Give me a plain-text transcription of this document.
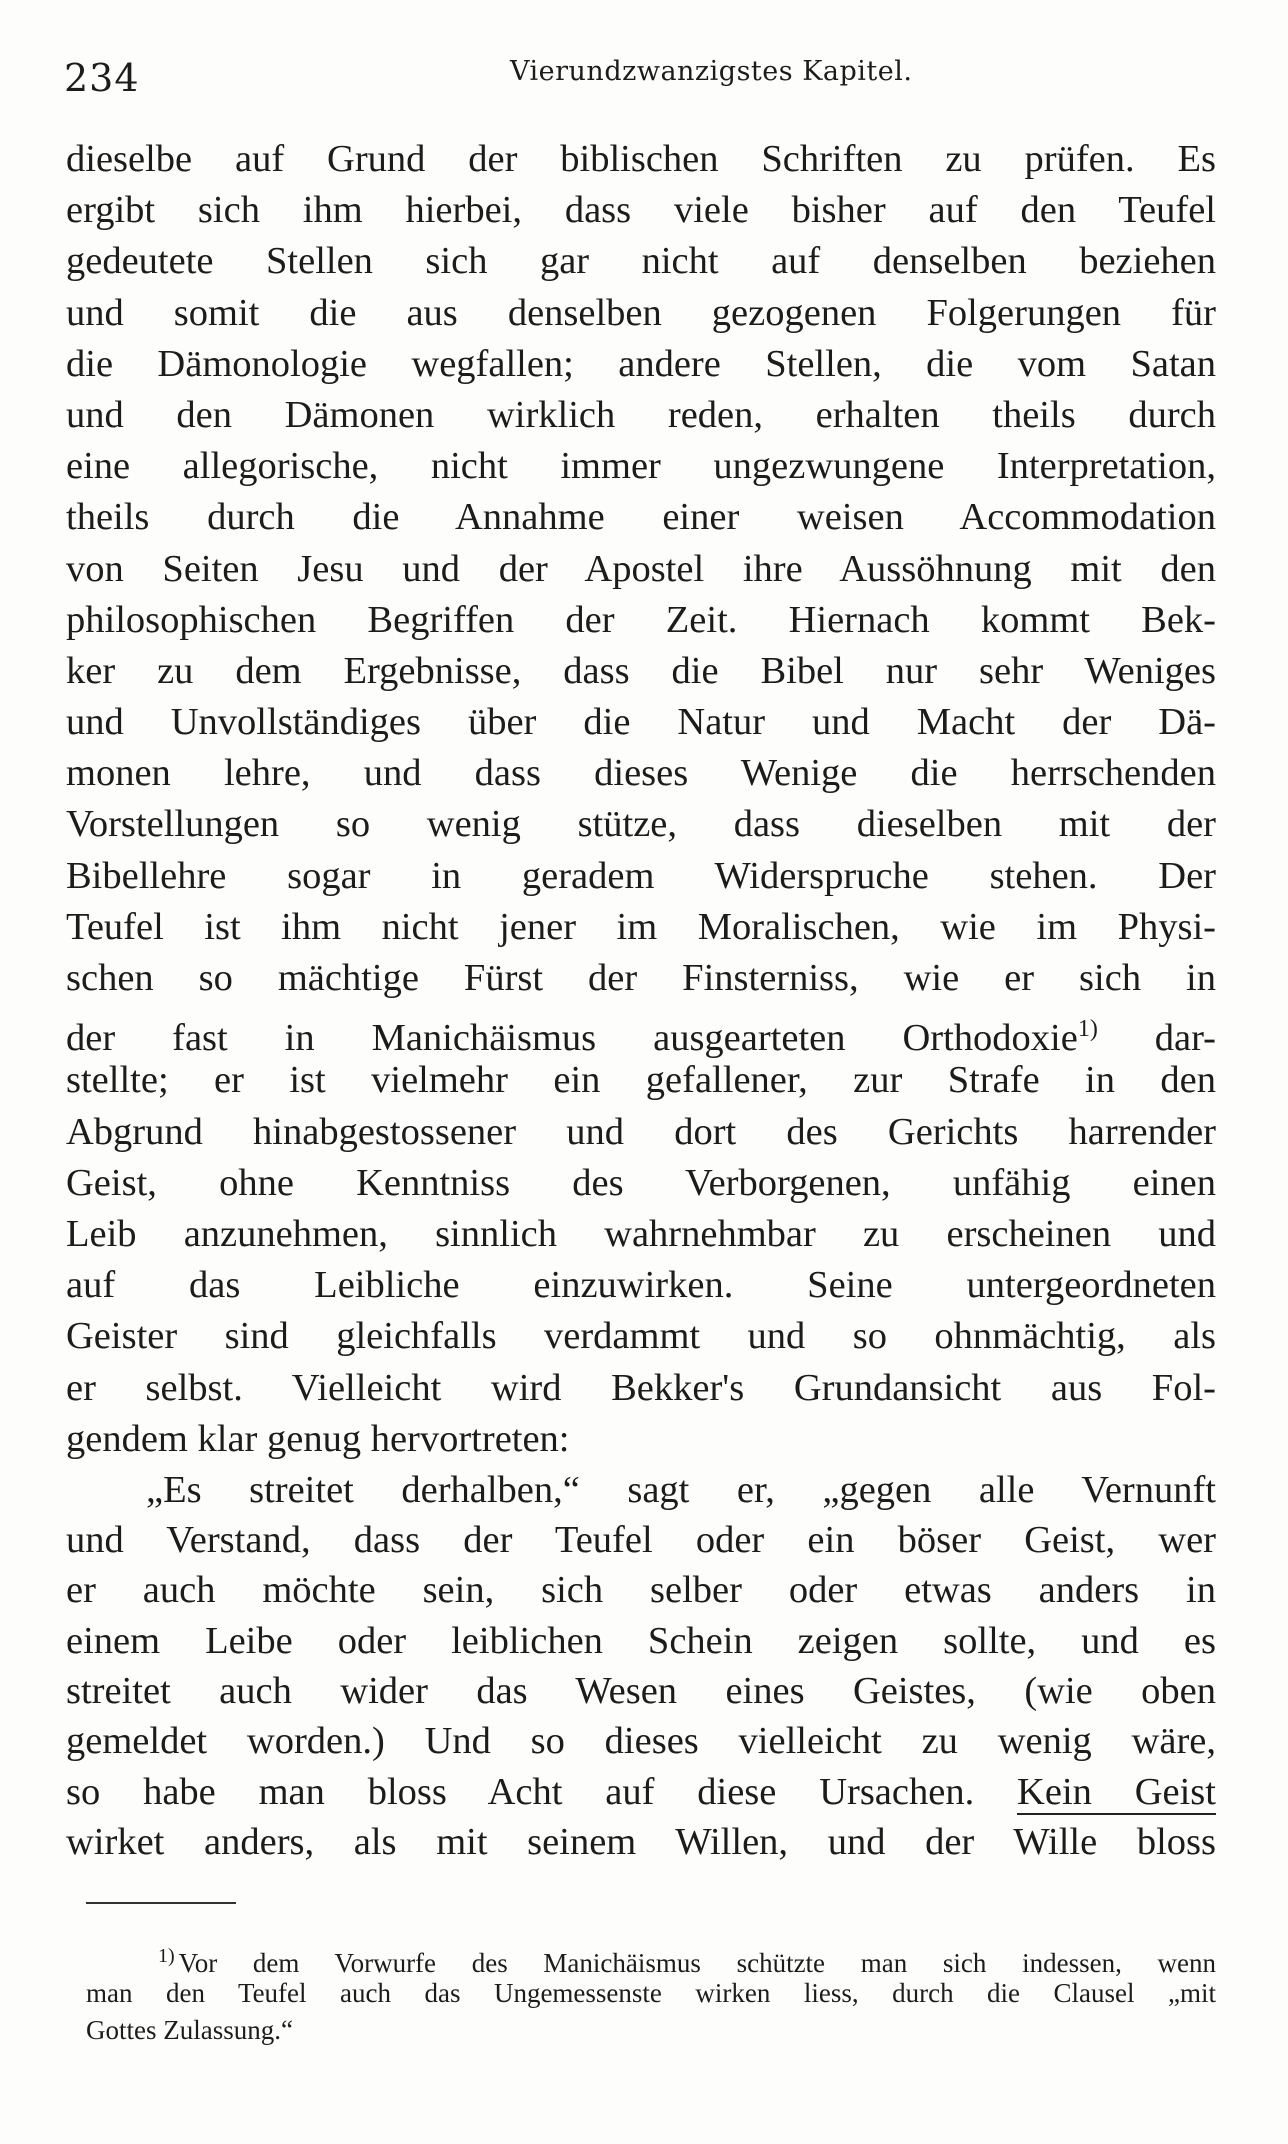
234	Vierundzwanzigstes Kapitel.
dieselbe auf Grund der biblischen Schriften zu prüfen. Es
ergibt sich ihm hierbei, dass viele bisher auf den Teufel
gedeutete Stellen sich gar nicht auf denselben beziehen
und somit die aus denselben gezogenen Folgerungen für
die Dämonologie wegfallen; andere Stellen, die vom Satan
und den Dämonen wirklich reden, erhalten theils durch
eine allegorische, nicht immer ungezwungene Interpretation,
theils durch die Annahme einer weisen Accommodation
von Seiten Jesu und der Apostel ihre Aussöhnung mit den
philosophischen Begriffen der Zeit. Hiernach kommt Bek-
ker zu dem Ergebnisse, dass die Bibel nur sehr Weniges
und Unvollständiges über die Natur und Macht der Dä-
monen lehre, und dass dieses Wenige die herrschenden
Vorstellungen so wenig stütze, dass dieselben mit der
Bibellehre sogar in geradem Widerspruche stehen. Der
Teufel ist ihm nicht jener im Moralischen, wie im Physi-
schen so mächtige Fürst der Finsterniss, wie er sich in
der fast in Manichäismus ausgearteten Orthodoxie$^{1)}$ dar-
stellte; er ist vielmehr ein gefallener, zur Strafe in den
Abgrund hinabgestossener und dort des Gerichts harrender
Geist, ohne Kenntniss des Verborgenen, unfähig einen
Leib anzunehmen, sinnlich wahrnehmbar zu erscheinen und
auf das Leibliche einzuwirken. Seine untergeordneten
Geister sind gleichfalls verdammt und so ohnmächtig, als
er selbst. Vielleicht wird Bekker's Grundansicht aus Fol-
gendem klar genug hervortreten:
„Es streitet derhalben,“ sagt er, „gegen alle Vernunft
und Verstand, dass der Teufel oder ein böser Geist, wer
er auch möchte sein, sich selber oder etwas anders in
einem Leibe oder leiblichen Schein zeigen sollte, und es
streitet auch wider das Wesen eines Geistes, (wie oben
gemeldet worden.) Und so dieses vielleicht zu wenig wäre,
so habe man bloss Acht auf diese Ursachen. Kein Geist
wirket anders, als mit seinem Willen, und der Wille bloss
$^{1)}$ Vor dem Vorwurfe des Manichäismus schützte man sich indessen, wenn
man den Teufel auch das Ungemessenste wirken liess, durch die Clausel „mit
Gottes Zulassung.“
